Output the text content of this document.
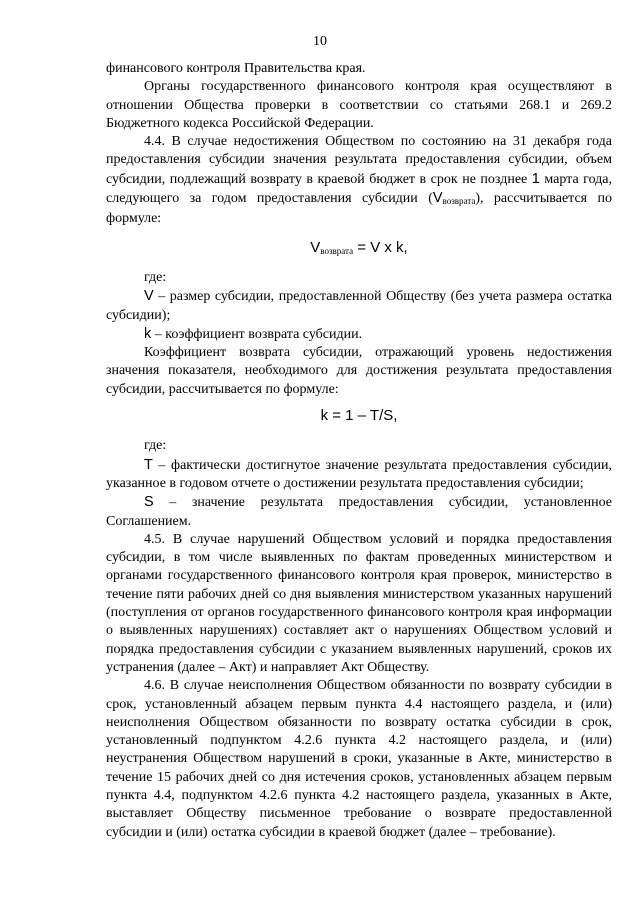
10

финансового контроля Правительства края.

Органы государственного финансового контроля края осуществляют в отношении Общества проверки в соответствии со статьями 268.1 и 269.2 Бюджетного кодекса Российской Федерации.

4.4. В случае недостижения Обществом по состоянию на 31 декабря года предоставления субсидии значения результата предоставления субсидии, объем субсидии, подлежащий возврату в краевой бюджет в срок не позднее 1 марта года, следующего за годом предоставления субсидии $(V_{возврата})$, рассчитывается по формуле:

$V_{возврата} = V$ x k,

где:

V – размер субсидии, предоставленной Обществу (без учета размера остатка субсидии);

k – коэффициент возврата субсидии.

Коэффициент возврата субсидии, отражающий уровень недостижения значения показателя, необходимого для достижения результата предоставления субсидии, рассчитывается по формуле:

k = 1 – T/S,

где:

T – фактически достигнутое значение результата предоставления субсидии, указанное в годовом отчете о достижении результата предоставления субсидии;

S – значение результата предоставления субсидии, установленное Соглашением.

4.5. В случае нарушений Обществом условий и порядка предоставления субсидии, в том числе выявленных по фактам проведенных министерством и органами государственного финансового контроля края проверок, министерство в течение пяти рабочих дней со дня выявления министерством указанных нарушений (поступления от органов государственного финансового контроля края информации о выявленных нарушениях) составляет акт о нарушениях Обществом условий и порядка предоставления субсидии с указанием выявленных нарушений, сроков их устранения (далее – Акт) и направляет Акт Обществу.

4.6. В случае неисполнения Обществом обязанности по возврату субсидии в срок, установленный абзацем первым пункта 4.4 настоящего раздела, и (или) неисполнения Обществом обязанности по возврату остатка субсидии в срок, установленный подпунктом 4.2.6 пункта 4.2 настоящего раздела, и (или) неустранения Обществом нарушений в сроки, указанные в Акте, министерство в течение 15 рабочих дней со дня истечения сроков, установленных абзацем первым пункта 4.4, подпунктом 4.2.6 пункта 4.2 настоящего раздела, указанных в Акте, выставляет Обществу письменное требование о возврате предоставленной субсидии и (или) остатка субсидии в краевой бюджет (далее – требование).
